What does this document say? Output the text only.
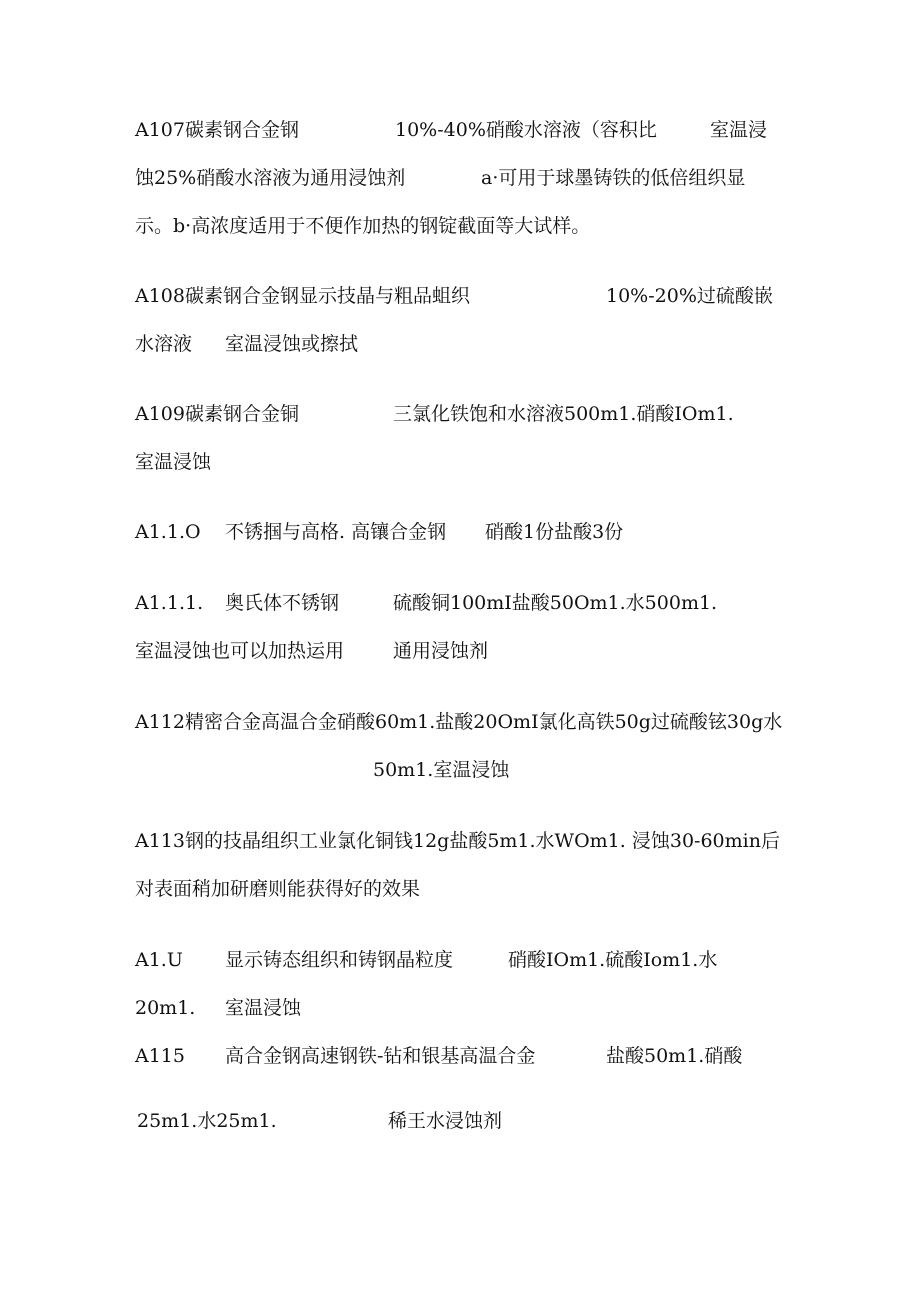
A107碳素钢合金钢	10%-40%硝酸水溶液（容积比	室温浸
蚀25%硝酸水溶液为通用浸蚀剂	a·可用于球墨铸铁的低倍组织显
示。b·高浓度适用于不便作加热的钢锭截面等大试样。
A108碳素钢合金钢显示技晶与粗品蛆织	10%-20%过硫酸嵌
水溶液 室温浸蚀或擦拭
A109碳素钢合金铜	三氯化铁饱和水溶液500m1.硝酸IOm1.
室温浸蚀
A1.1.O 不锈掴与高格. 高镶合金钢 硝酸1份盐酸3份
A1.1.1. 奥氏体不锈钢	硫酸铜100mI盐酸50Om1.水500m1.
室温浸蚀也可以加热运用	通用浸蚀剂
A112精密合金高温合金硝酸60m1.盐酸20OmI氯化高铁50g过硫酸铉30g水
50m1.室温浸蚀
A113钢的技晶组织工业氯化铜钱12g盐酸5m1.水WOm1. 浸蚀30-60min后
对表面稍加研磨则能获得好的效果
A1.U 显示铸态组织和铸钢晶粒度	硝酸IOm1.硫酸Iom1.水
20m1. 室温浸蚀
A115 高合金钢高速钢铁-钻和银基高温合金	盐酸50m1.硝酸
25m1.水25m1.	稀王水浸蚀剂
